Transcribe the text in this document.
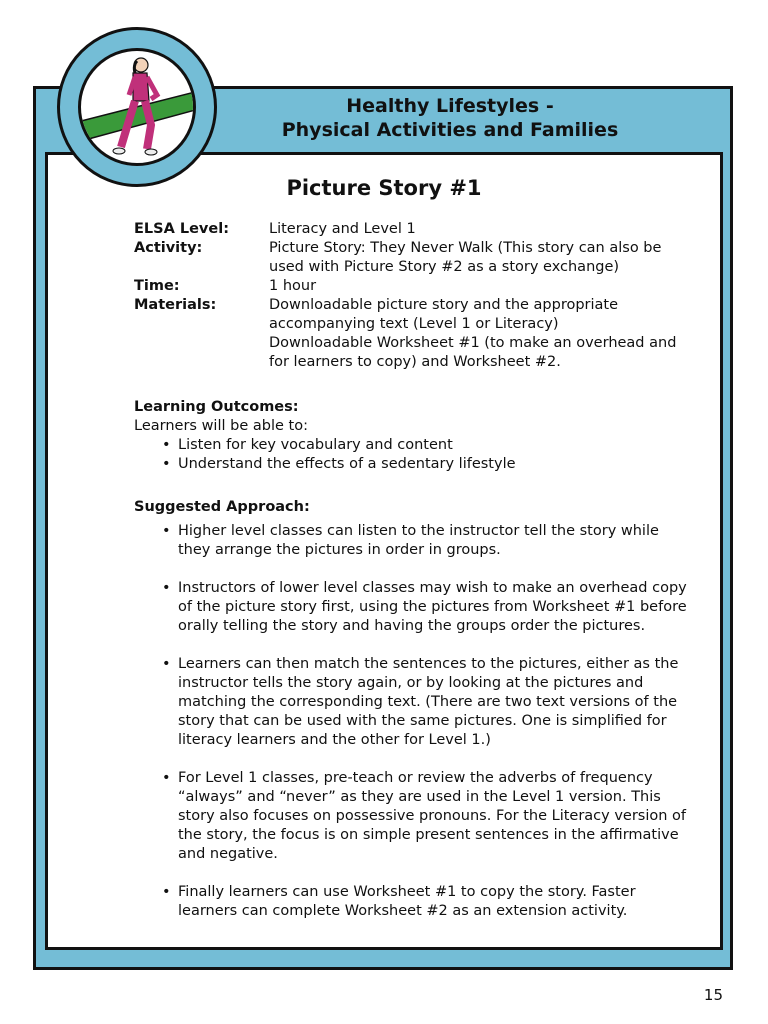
Healthy Lifestyles -
Physical Activities and Families
Picture Story #1
ELSA Level:	Literacy and Level 1
Activity:	Picture Story: They Never Walk (This story can also be used with Picture Story #2 as a story exchange)
Time:	1 hour
Materials:	Downloadable picture story and the appropriate accompanying text (Level 1 or Literacy)
Downloadable Worksheet #1 (to make an overhead and for learners to copy) and Worksheet #2.
Learning Outcomes:
Learners will be able to:
• Listen for key vocabulary and content
• Understand the effects of a sedentary lifestyle
Suggested Approach:
• Higher level classes can listen to the instructor tell the story while they arrange the pictures in order in groups.
• Instructors of lower level classes may wish to make an overhead copy of the picture story first, using the pictures from Worksheet #1 before orally telling the story and having the groups order the pictures.
• Learners can then match the sentences to the pictures, either as the instructor tells the story again, or by looking at the pictures and matching the corresponding text. (There are two text versions of the story that can be used with the same pictures. One is simplified for literacy learners and the other for Level 1.)
• For Level 1 classes, pre-teach or review the adverbs of frequency “always” and “never” as they are used in the Level 1 version. This story also focuses on possessive pronouns. For the Literacy version of the story, the focus is on simple present sentences in the affirmative and negative.
• Finally learners can use Worksheet #1 to copy the story. Faster learners can complete Worksheet #2 as an extension activity.
15
